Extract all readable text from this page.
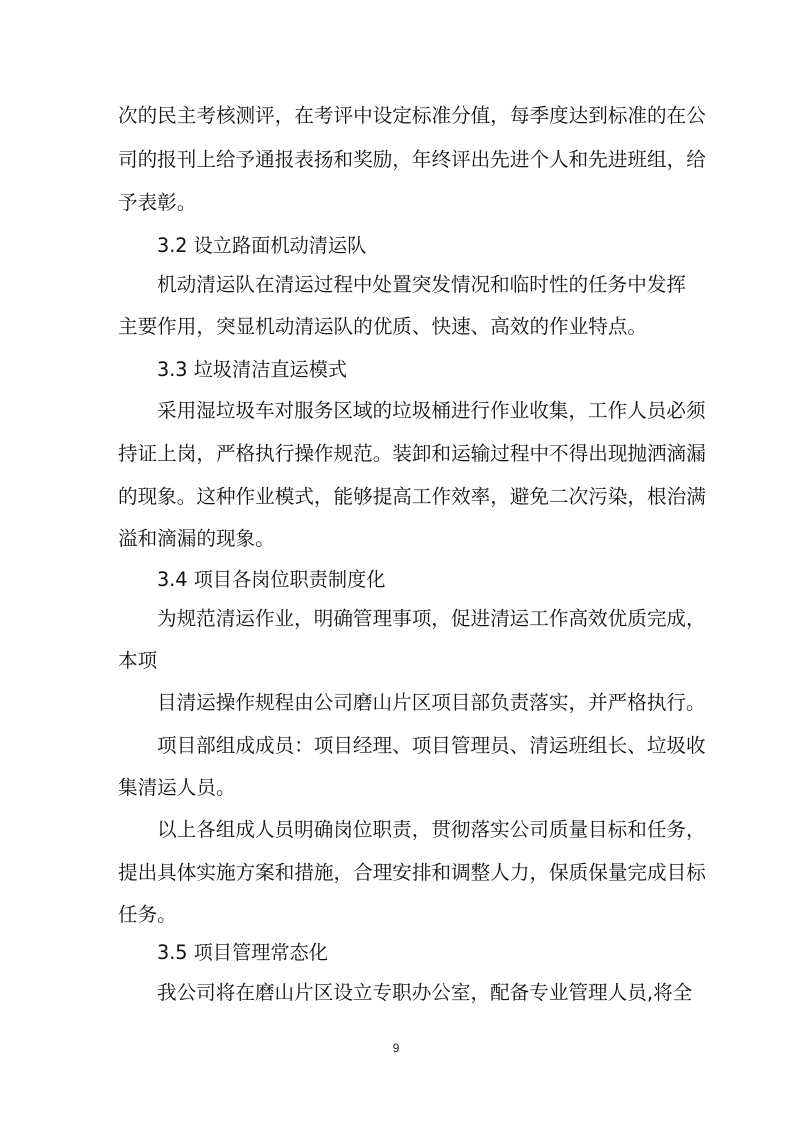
次的民主考核测评，在考评中设定标准分值，每季度达到标准的在公
司的报刊上给予通报表扬和奖励，年终评出先进个人和先进班组，给
予表彰。
3.2 设立路面机动清运队
机动清运队在清运过程中处置突发情况和临时性的任务中发挥
主要作用，突显机动清运队的优质、快速、高效的作业特点。
3.3 垃圾清洁直运模式
采用湿垃圾车对服务区域的垃圾桶进行作业收集，工作人员必须
持证上岗，严格执行操作规范。装卸和运输过程中不得出现抛洒滴漏
的现象。这种作业模式，能够提高工作效率，避免二次污染，根治满
溢和滴漏的现象。
3.4 项目各岗位职责制度化
为规范清运作业，明确管理事项，促进清运工作高效优质完成，
本项
目清运操作规程由公司磨山片区项目部负责落实，并严格执行。
项目部组成成员：项目经理、项目管理员、清运班组长、垃圾收
集清运人员。
以上各组成人员明确岗位职责，贯彻落实公司质量目标和任务，
提出具体实施方案和措施，合理安排和调整人力，保质保量完成目标
任务。
3.5 项目管理常态化
我公司将在磨山片区设立专职办公室，配备专业管理人员,将全
9
